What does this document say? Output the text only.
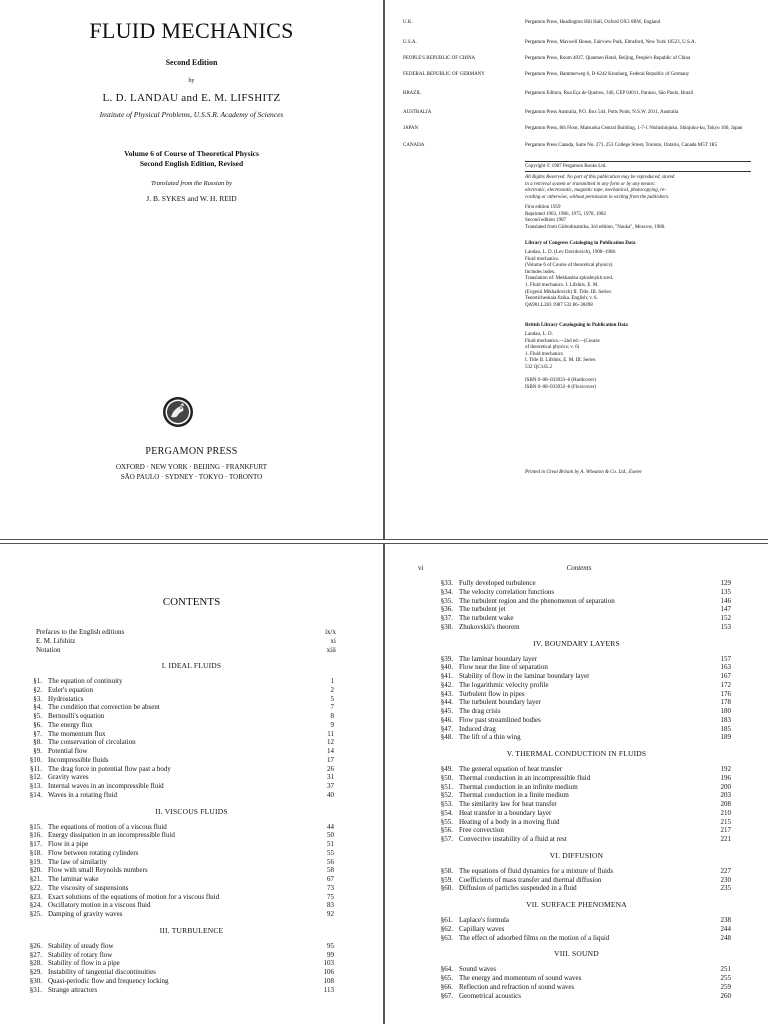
FLUID MECHANICS
Second Edition
by
L. D. LANDAU and E. M. LIFSHITZ
Institute of Physical Problems, U.S.S.R. Academy of Sciences
Volume 6 of Course of Theoretical Physics
Second English Edition, Revised
Translated from the Russian by
J. B. SYKES and W. H. REID
PERGAMON PRESS
OXFORD · NEW YORK · BEIJING · FRANKFURT
SÃO PAULO · SYDNEY · TOKYO · TORONTO
U.K.	Pergamon Press, Headington Hill Hall, Oxford OX3 0BW, England
U.S.A.	Pergamon Press, Maxwell House, Fairview Park, Elmsford, New York 10523, U.S.A.
PEOPLE'S REPUBLIC OF CHINA	Pergamon Press, Room 4037, Qianmen Hotel, Beijing, People's Republic of China
FEDERAL REPUBLIC OF GERMANY	Pergamon Press, Hammerweg 6, D-6242 Kronberg, Federal Republic of Germany
BRAZIL	Pergamon Editora, Rua Eça de Queiros, 346, CEP 04011, Paraiso, São Paulo, Brazil
AUSTRALIA	Pergamon Press Australia, P.O. Box 544, Potts Point, N.S.W. 2011, Australia
JAPAN	Pergamon Press, 8th Floor, Matsuoka Central Building, 1-7-1 Nishishinjuku, Shinjuku-ku, Tokyo 160, Japan
CANADA	Pergamon Press Canada, Suite No. 271, 253 College Street, Toronto, Ontario, Canada M5T 1R5
Copyright © 1987 Pergamon Books Ltd.
All Rights Reserved. No part of this publication may be reproduced, stored
in a retrieval system or transmitted in any form or by any means:
electronic, electrostatic, magnetic tape, mechanical, photocopying, re-
cording or otherwise, without permission in writing from the publishers.
First edition 1959
Reprinted 1963, 1966, 1975, 1978, 1982
Second edition 1987
Translated from Gidrodinamika, 3rd edition, "Nauka", Moscow, 1986.
Library of Congress Cataloging in Publication Data
Landau, L. D. (Lev Davidovich), 1908–1968.
Fluid mechanics.
(Volume 6 of Course of theoretical physics)
Includes index.
Translation of: Mekhanika sploshnykh sred.
1. Fluid mechanics. I. Lifshits, E. M.
(Evgenii Mikhailovich) II. Title. III. Series:
Teoreticheskaia fizika. English; v. 6.
QA901.L283 1987 532 86–30498
British Library Cataloguing in Publication Data
Landau, L. D.
Fluid mechanics.—2nd ed.—(Course
of theoretical physics; v. 6)
1. Fluid mechanics
I. Title II. Lifshits, E. M. III. Series
532 QC145.2
ISBN 0–08–033933–6 (Hardcover)
ISBN 0–08–033932–8 (Flexicover)
Printed in Great Britain by A. Wheaton & Co. Ltd., Exeter
CONTENTS
Prefaces to the English editions	ix/x
E. M. Lifshitz	xi
Notation	xiii
I. IDEAL FLUIDS
§1. The equation of continuity	1
§2. Euler's equation	2
§3. Hydrostatics	5
§4. The condition that convection be absent	7
§5. Bernoulli's equation	8
§6. The energy flux	9
§7. The momentum flux	11
§8. The conservation of circulation	12
§9. Potential flow	14
§10. Incompressible fluids	17
§11. The drag force in potential flow past a body	26
§12. Gravity waves	31
§13. Internal waves in an incompressible fluid	37
§14. Waves in a rotating fluid	40
II. VISCOUS FLUIDS
§15. The equations of motion of a viscous fluid	44
§16. Energy dissipation in an incompressible fluid	50
§17. Flow in a pipe	51
§18. Flow between rotating cylinders	55
§19. The law of similarity	56
§20. Flow with small Reynolds numbers	58
§21. The laminar wake	67
§22. The viscosity of suspensions	73
§23. Exact solutions of the equations of motion for a viscous fluid	75
§24. Oscillatory motion in a viscous fluid	83
§25. Damping of gravity waves	92
III. TURBULENCE
§26. Stability of steady flow	95
§27. Stability of rotary flow	99
§28. Stability of flow in a pipe	103
§29. Instability of tangential discontinuities	106
§30. Quasi-periodic flow and frequency locking	108
§31. Strange attractors	113
vi	Contents
§33. Fully developed turbulence	129
§34. The velocity correlation functions	135
§35. The turbulent region and the phenomenon of separation	146
§36. The turbulent jet	147
§37. The turbulent wake	152
§38. Zhukovskii's theorem	153
IV. BOUNDARY LAYERS
§39. The laminar boundary layer	157
§40. Flow near the line of separation	163
§41. Stability of flow in the laminar boundary layer	167
§42. The logarithmic velocity profile	172
§43. Turbulent flow in pipes	176
§44. The turbulent boundary layer	178
§45. The drag crisis	180
§46. Flow past streamlined bodies	183
§47. Induced drag	185
§48. The lift of a thin wing	189
V. THERMAL CONDUCTION IN FLUIDS
§49. The general equation of heat transfer	192
§50. Thermal conduction in an incompressible fluid	196
§51. Thermal conduction in an infinite medium	200
§52. Thermal conduction in a finite medium	203
§53. The similarity law for heat transfer	208
§54. Heat transfer in a boundary layer	210
§55. Heating of a body in a moving fluid	215
§56. Free convection	217
§57. Convective instability of a fluid at rest	221
VI. DIFFUSION
§58. The equations of fluid dynamics for a mixture of fluids	227
§59. Coefficients of mass transfer and thermal diffusion	230
§60. Diffusion of particles suspended in a fluid	235
VII. SURFACE PHENOMENA
§61. Laplace's formula	238
§62. Capillary waves	244
§63. The effect of adsorbed films on the motion of a liquid	248
VIII. SOUND
§64. Sound waves	251
§65. The energy and momentum of sound waves	255
§66. Reflection and refraction of sound waves	259
§67. Geometrical acoustics	260
